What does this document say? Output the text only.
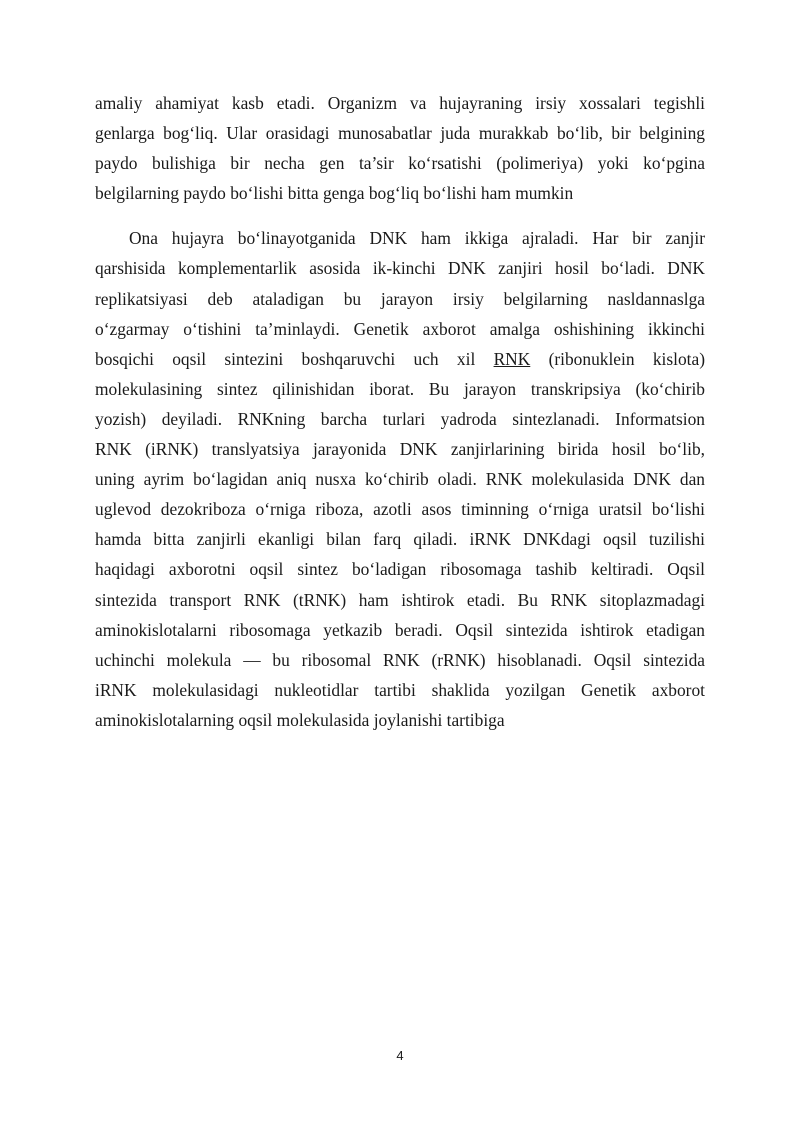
amaliy ahamiyat kasb etadi. Organizm va hujayraning irsiy xossalari tegishli
genlarga bog‘liq. Ular orasidagi munosabatlar juda murakkab bo‘lib, bir belgining
paydo bulishiga bir necha gen ta’sir ko‘rsatishi (polimeriya) yoki ko‘pgina
belgilarning paydo bo‘lishi bitta genga bog‘liq bo‘lishi ham mumkin
Ona hujayra bo‘linayotganida DNK ham ikkiga ajraladi. Har bir zanjir
qarshisida komplementarlik asosida ik-kinchi DNK zanjiri hosil bo‘ladi. DNK
replikatsiyasi deb ataladigan bu jarayon irsiy belgilarning nasldannaslga
o‘zgarmay o‘tishini ta’minlaydi. Genetik axborot amalga oshishining ikkinchi
bosqichi oqsil sintezini boshqaruvchi uch xil RNK (ribonuklein kislota)
molekulasining sintez qilinishidan iborat. Bu jarayon transkripsiya (ko‘chirib
yozish) deyiladi. RNKning barcha turlari yadroda sintezlanadi. Informatsion
RNK (iRNK) translyatsiya jarayonida DNK zanjirlarining birida hosil bo‘lib,
uning ayrim bo‘lagidan aniq nusxa ko‘chirib oladi. RNK molekulasida DNK dan
uglevod dezokriboza o‘rniga riboza, azotli asos timinning o‘rniga uratsil bo‘lishi
hamda bitta zanjirli ekanligi bilan farq qiladi. iRNK DNKdagi oqsil tuzilishi
haqidagi axborotni oqsil sintez bo‘ladigan ribosomaga tashib keltiradi. Oqsil
sintezida transport RNK (tRNK) ham ishtirok etadi. Bu RNK sitoplazmadagi
aminokislotalarni ribosomaga yetkazib beradi. Oqsil sintezida ishtirok etadigan
uchinchi molekula — bu ribosomal RNK (rRNK) hisoblanadi. Oqsil sintezida
iRNK molekulasidagi nukleotidlar tartibi shaklida yozilgan Genetik axborot
aminokislotalarning oqsil molekulasida joylanishi tartibiga
4
